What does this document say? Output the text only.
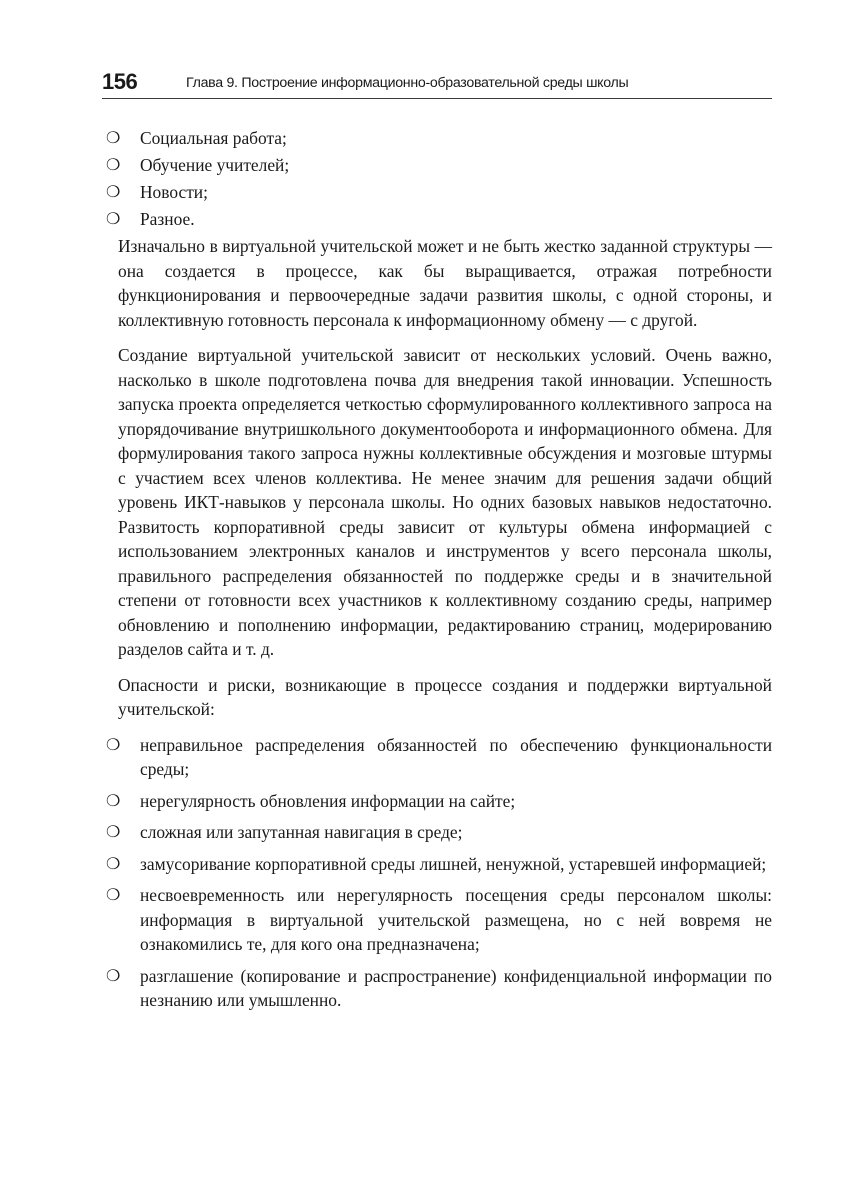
156	Глава 9. Построение информационно-образовательной среды школы
❍	Социальная работа;
❍	Обучение учителей;
❍	Новости;
❍	Разное.

Изначально в виртуальной учительской может и не быть жестко заданной структуры — она создается в процессе, как бы выращивается, отражая потребности функционирования и первоочередные задачи развития школы, с одной стороны, и коллективную готовность персонала к информационному обмену — с другой.

Создание виртуальной учительской зависит от нескольких условий. Очень важно, насколько в школе подготовлена почва для внедрения такой инновации. Успешность запуска проекта определяется четкостью сформулированного коллективного запроса на упорядочивание внутришкольного документооборота и информационного обмена. Для формулирования такого запроса нужны коллективные обсуждения и мозговые штурмы с участием всех членов коллектива. Не менее значим для решения задачи общий уровень ИКТ-навыков у персонала школы. Но одних базовых навыков недостаточно. Развитость корпоративной среды зависит от культуры обмена информацией с использованием электронных каналов и инструментов у всего персонала школы, правильного распределения обязанностей по поддержке среды и в значительной степени от готовности всех участников к коллективному созданию среды, например обновлению и пополнению информации, редактированию страниц, модерированию разделов сайта и т. д.

Опасности и риски, возникающие в процессе создания и поддержки виртуальной учительской:

❍	неправильное распределения обязанностей по обеспечению функциональности среды;
❍	нерегулярность обновления информации на сайте;
❍	сложная или запутанная навигация в среде;
❍	замусоривание корпоративной среды лишней, ненужной, устаревшей информацией;
❍	несвоевременность или нерегулярность посещения среды персоналом школы: информация в виртуальной учительской размещена, но с ней вовремя не ознакомились те, для кого она предназначена;
❍	разглашение (копирование и распространение) конфиденциальной информации по незнанию или умышленно.
